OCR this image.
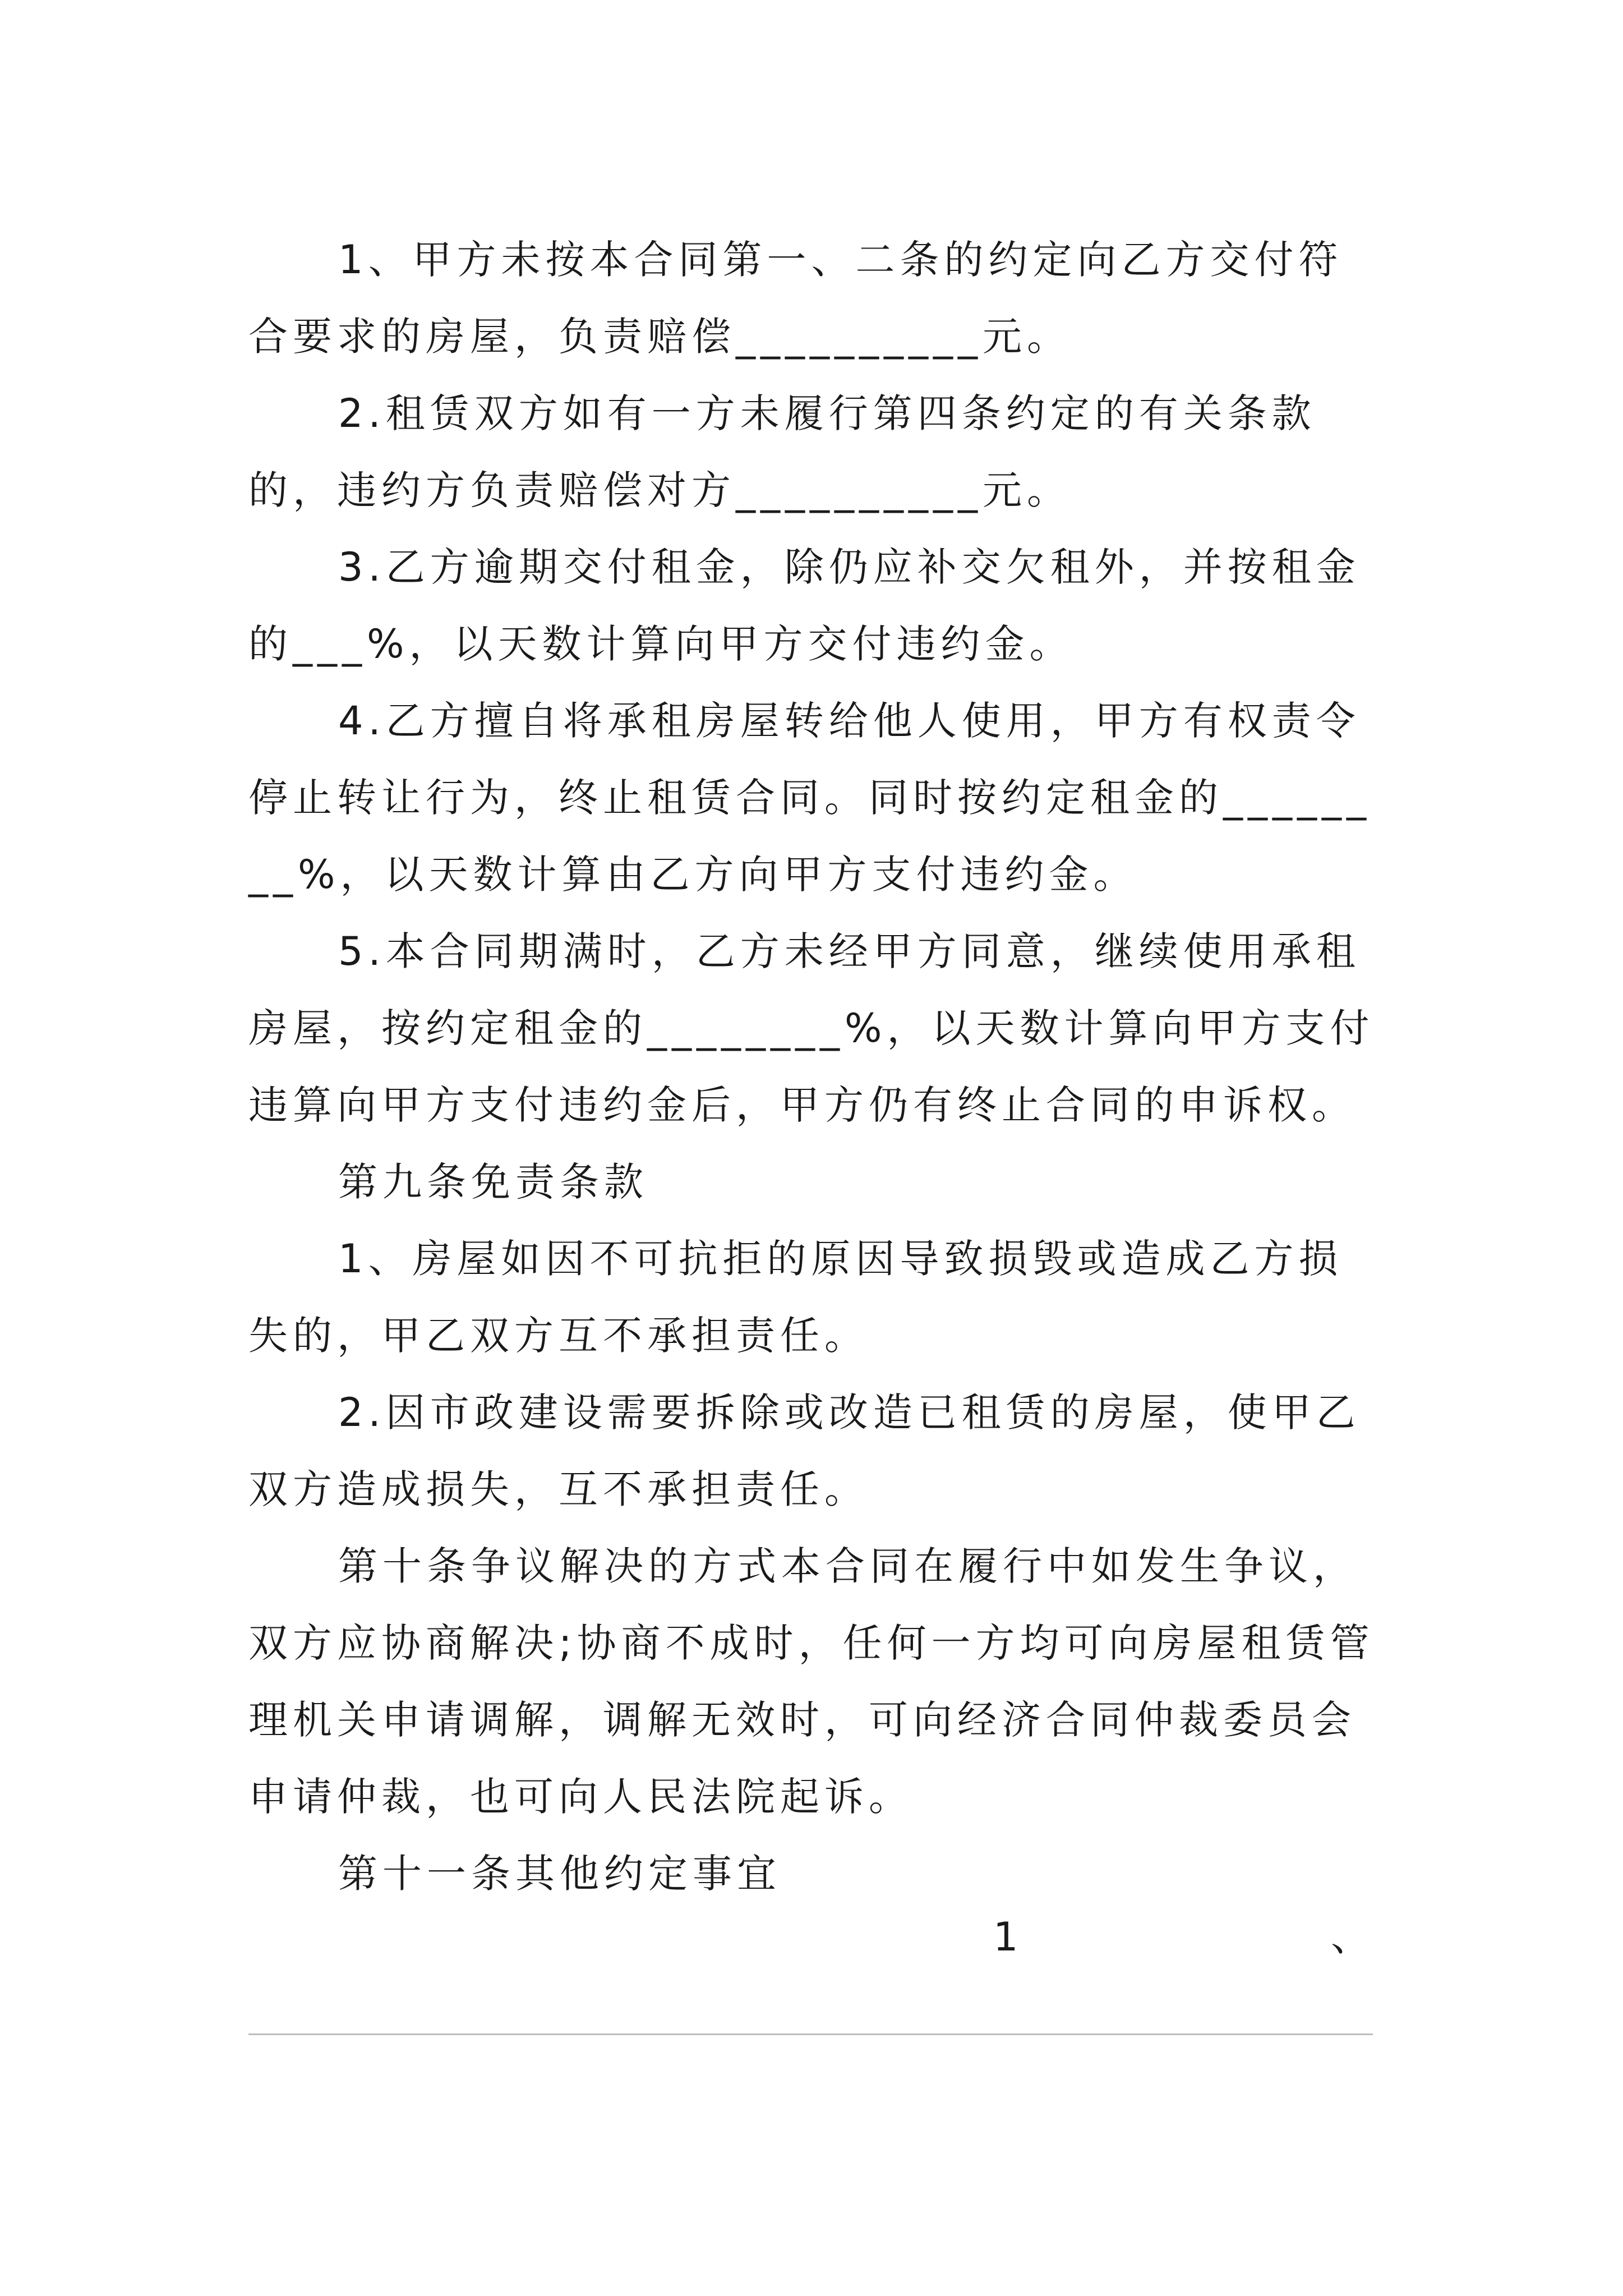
1、甲方未按本合同第一、二条的约定向乙方交付符合要求的房屋，负责赔偿__________元。

2.租赁双方如有一方未履行第四条约定的有关条款的，违约方负责赔偿对方__________元。

3.乙方逾期交付租金，除仍应补交欠租外，并按租金的___%，以天数计算向甲方交付违约金。

4.乙方擅自将承租房屋转给他人使用，甲方有权责令停止转让行为，终止租赁合同。同时按约定租金的________%，以天数计算由乙方向甲方支付违约金。

5.本合同期满时，乙方未经甲方同意，继续使用承租房屋，按约定租金的________%，以天数计算向甲方支付违算向甲方支付违约金后，甲方仍有终止合同的申诉权。

第九条免责条款

1、房屋如因不可抗拒的原因导致损毁或造成乙方损失的，甲乙双方互不承担责任。

2.因市政建设需要拆除或改造已租赁的房屋，使甲乙双方造成损失，互不承担责任。

第十条争议解决的方式本合同在履行中如发生争议，双方应协商解决;协商不成时，任何一方均可向房屋租赁管理机关申请调解，调解无效时，可向经济合同仲裁委员会申请仲裁，也可向人民法院起诉。

第十一条其他约定事宜

1	、
